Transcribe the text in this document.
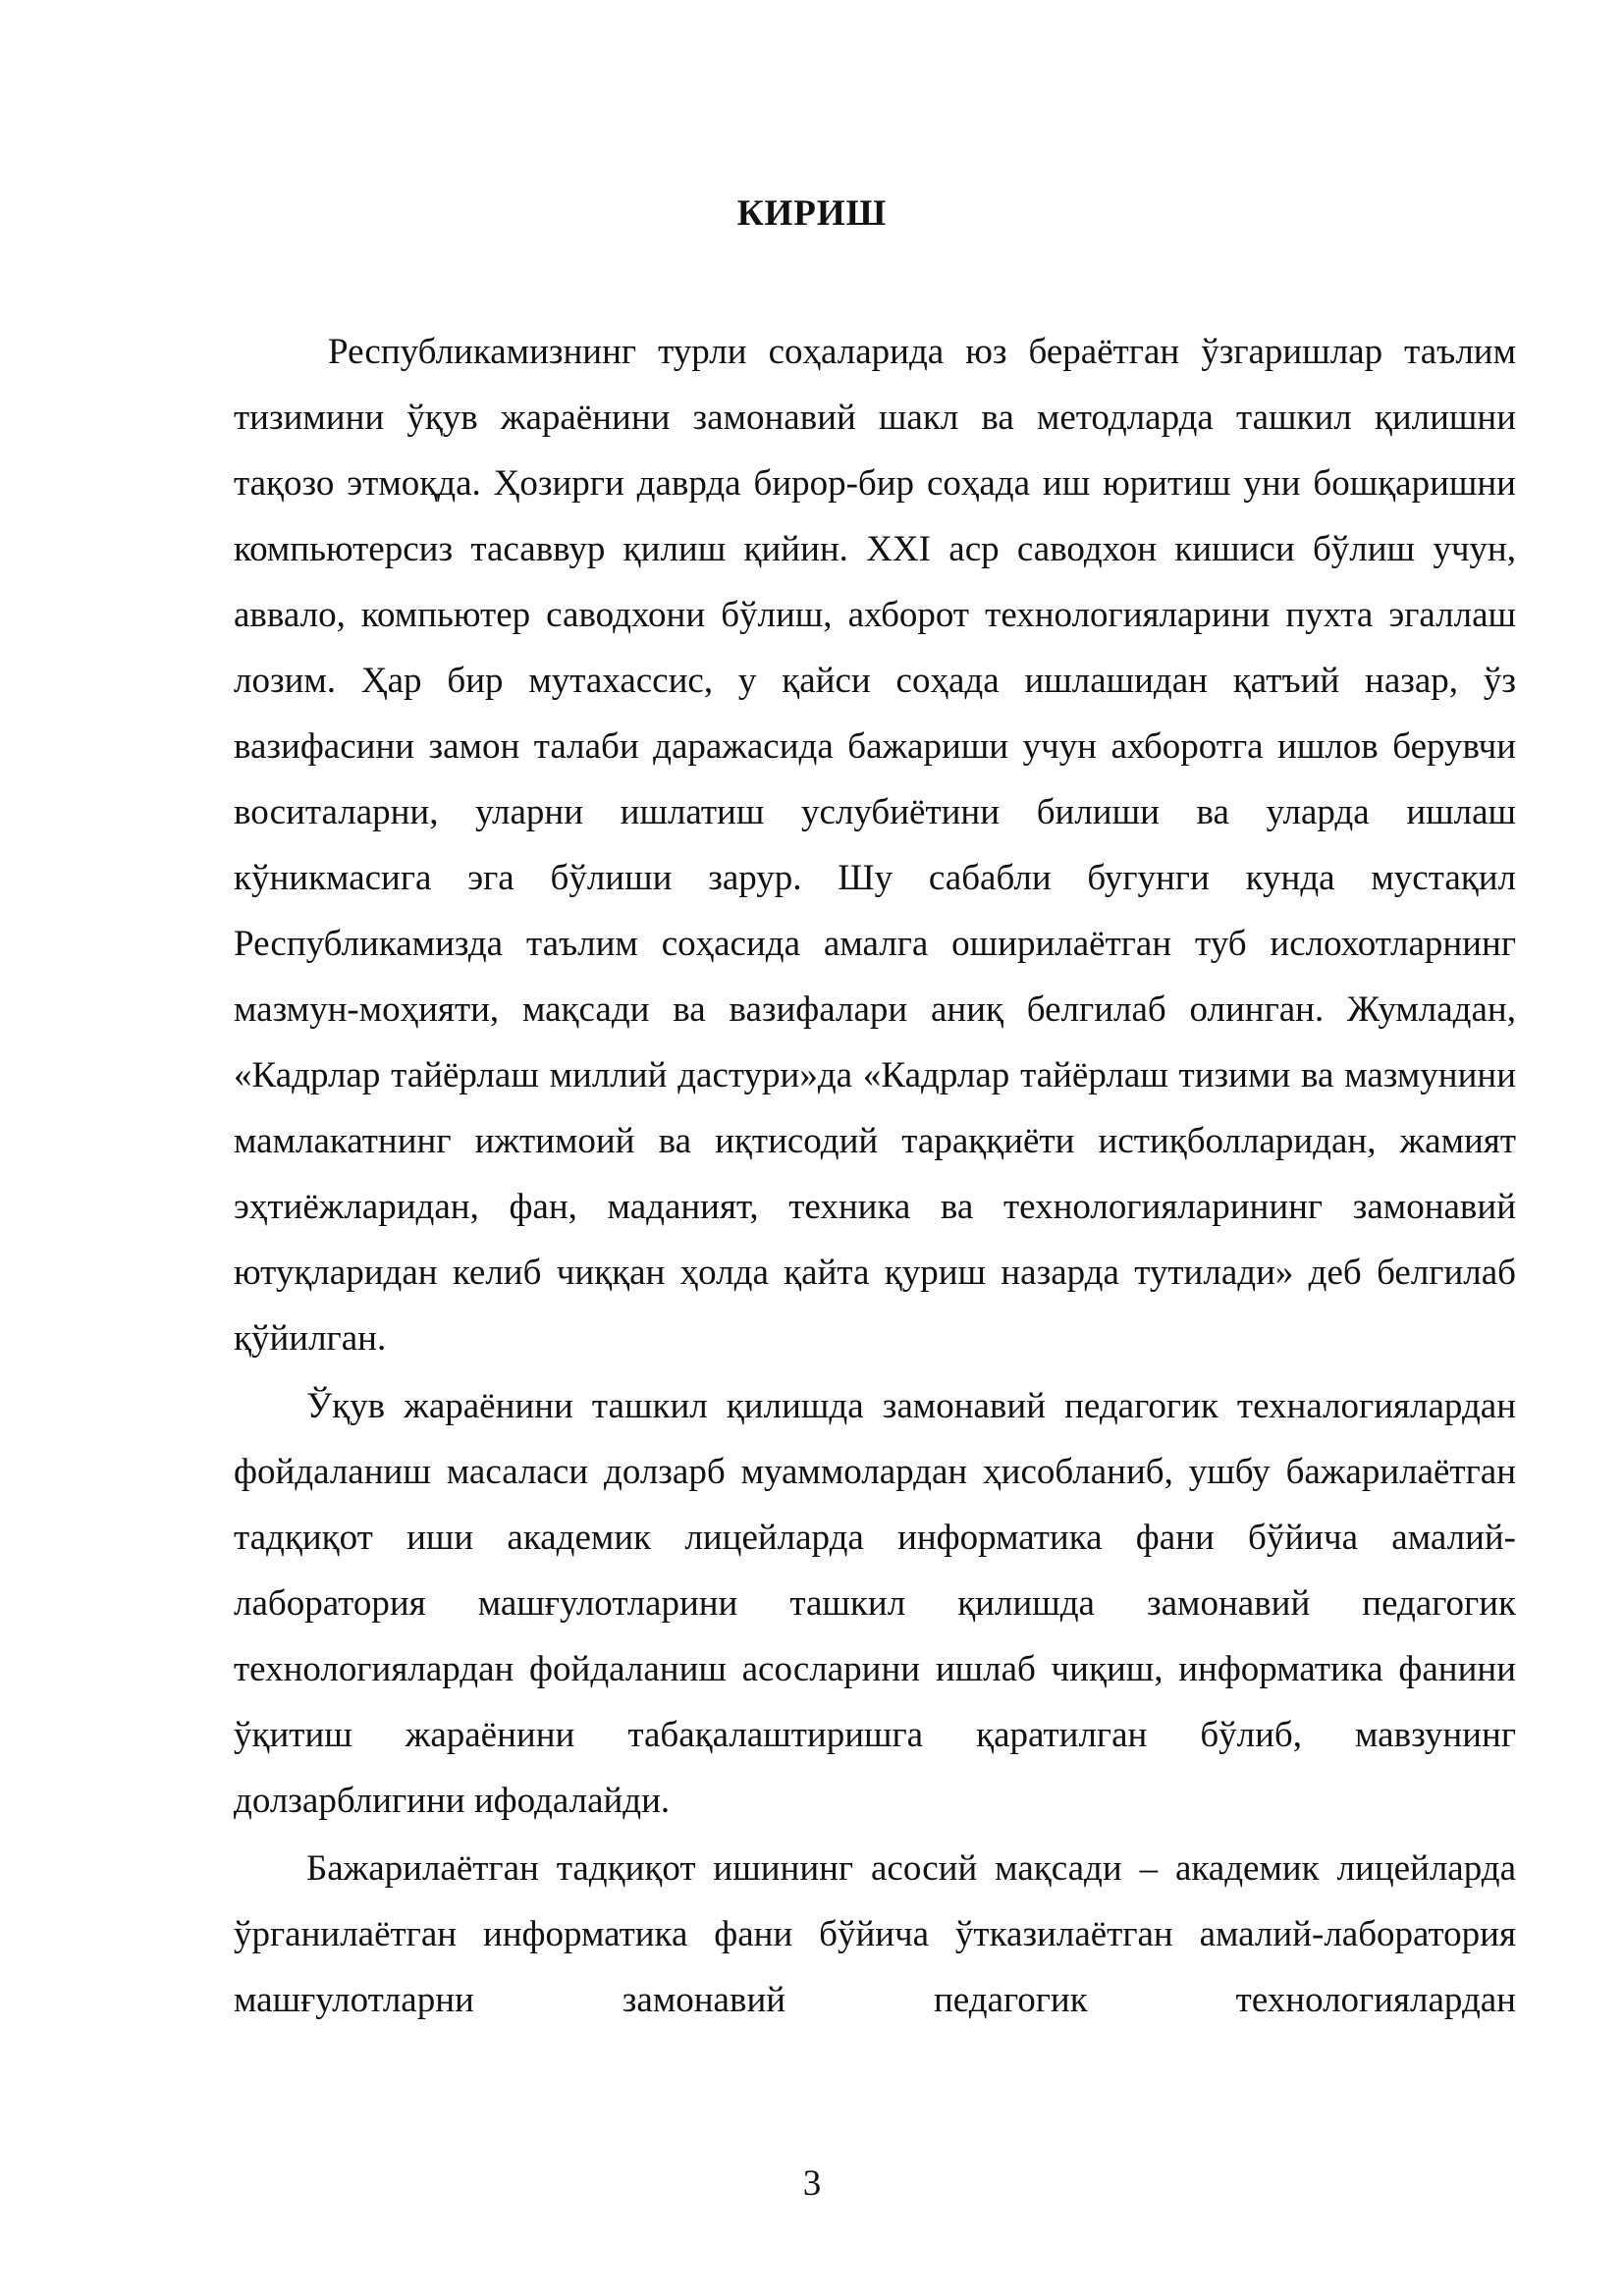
КИРИШ

Республикамизнинг турли соҳаларида юз бераётган ўзгаришлар таълим тизимини ўқув жараёнини замонавий шакл ва методларда ташкил қилишни тақозо этмоқда. Ҳозирги даврда бирор-бир соҳада иш юритиш уни бошқаришни компьютерсиз тасаввур қилиш қийин. XXI аср саводхон кишиси бўлиш учун, аввало, компьютер саводхони бўлиш, ахборот технологияларини пухта эгаллаш лозим. Ҳар бир мутахассис, у қайси соҳада ишлашидан қатъий назар, ўз вазифасини замон талаби даражасида бажариши учун ахборотга ишлов берувчи воситаларни, уларни ишлатиш услубиётини билиши ва уларда ишлаш кўникмасига эга бўлиши зарур. Шу сабабли бугунги кунда мустақил Республикамизда таълим соҳасида амалга оширилаётган туб ислохотларнинг мазмун-моҳияти, мақсади ва вазифалари аниқ белгилаб олинган. Жумладан, «Кадрлар тайёрлаш миллий дастури»да «Кадрлар тайёрлаш тизими ва мазмунини мамлакатнинг ижтимоий ва иқтисодий тараққиёти истиқболларидан, жамият эҳтиёжларидан, фан, маданият, техника ва технологияларининг замонавий ютуқларидан келиб чиққан ҳолда қайта қуриш назарда тутилади» деб белгилаб қўйилган.

Ўқув жараёнини ташкил қилишда замонавий педагогик техналогиялардан фойдаланиш масаласи долзарб муаммолардан ҳисобланиб, ушбу бажарилаётган тадқиқот иши академик лицейларда информатика фани бўйича амалий-лаборатория машғулотларини ташкил қилишда замонавий педагогик технологиялардан фойдаланиш асосларини ишлаб чиқиш, информатика фанини ўқитиш жараёнини табақалаштиришга қаратилган бўлиб, мавзунинг долзарблигини ифодалайди.

Бажарилаётган тадқиқот ишининг асосий мақсади – академик лицейларда ўрганилаётган информатика фани бўйича ўтказилаётган амалий-лаборатория машғулотларни замонавий педагогик технологиялардан

3
